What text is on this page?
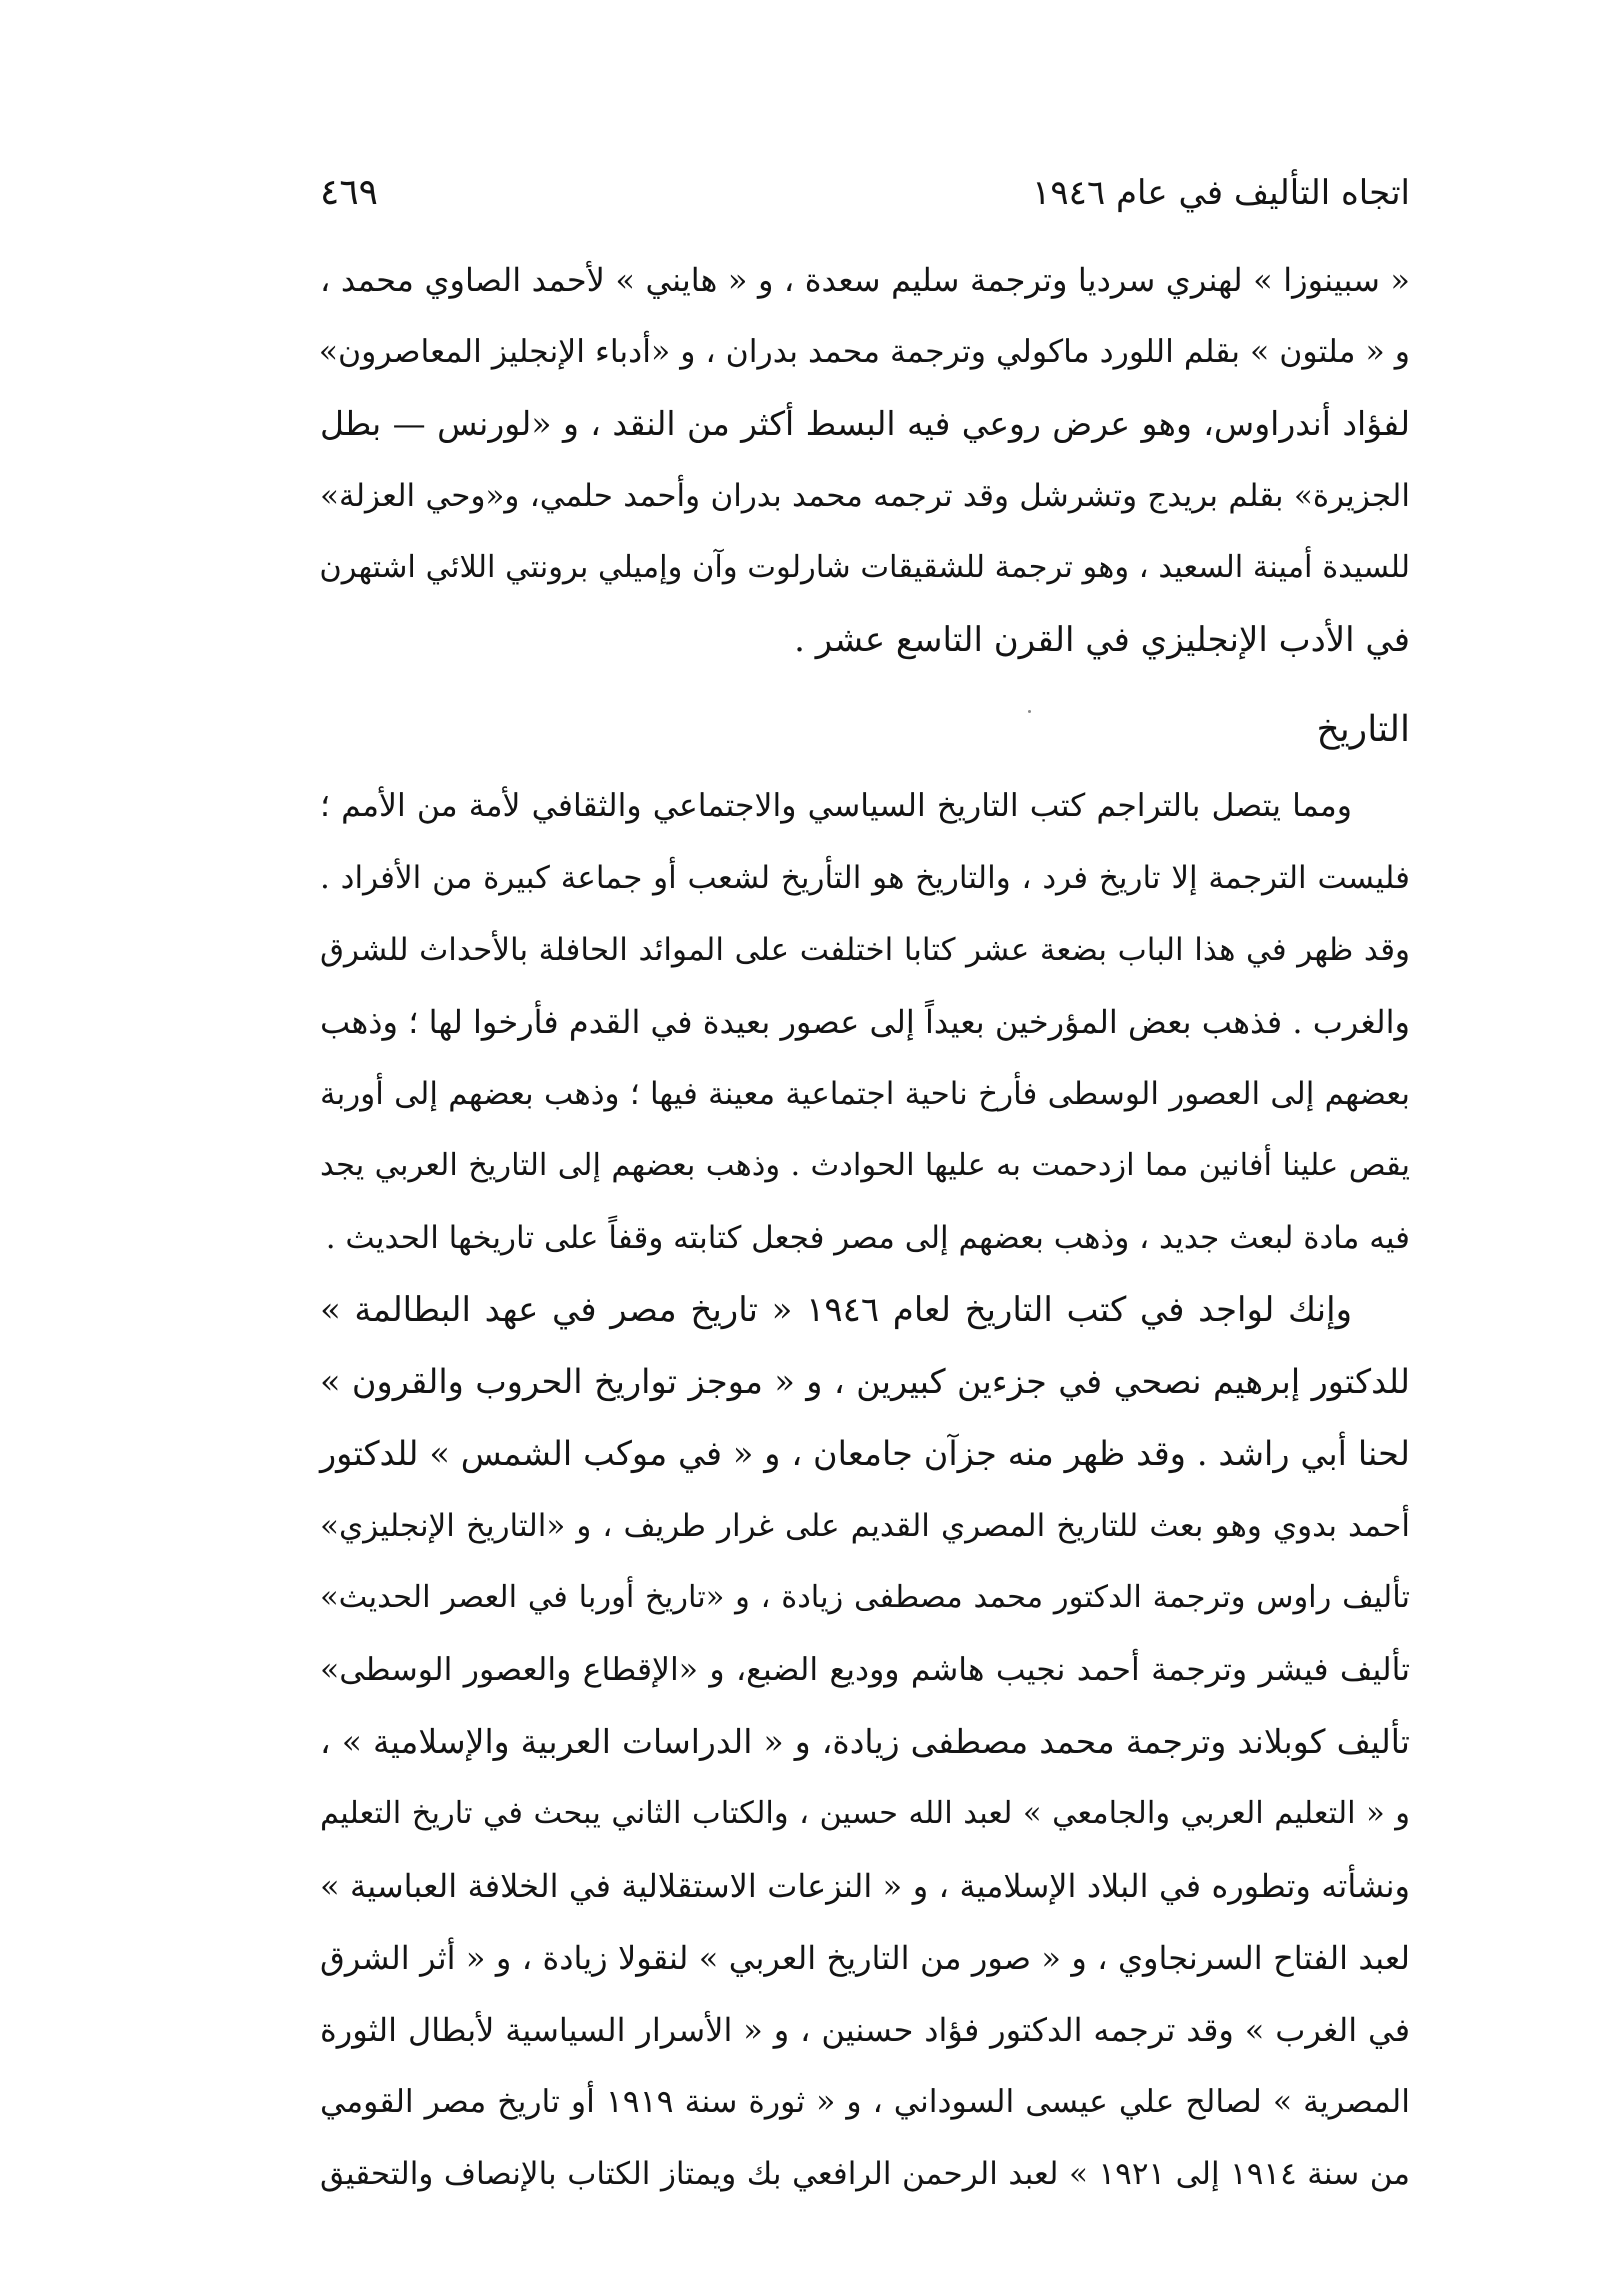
اتجاه التأليف في عام ١٩٤٦
٤٦٩
« سبينوزا » لهنري سرديا وترجمة سليم سعدة ، و « هايني » لأحمد الصاوي محمد ،
و « ملتون » بقلم اللورد ماكولي وترجمة محمد بدران ، و «أدباء الإنجليز المعاصرون»
لفؤاد أندراوس، وهو عرض روعي فيه البسط أكثر من النقد ، و «لورنس — بطل
الجزيرة» بقلم بريدج وتشرشل وقد ترجمه محمد بدران وأحمد حلمي، و«وحي العزلة»
للسيدة أمينة السعيد ، وهو ترجمة للشقيقات شارلوت وآن وإميلي برونتي اللائي اشتهرن
في الأدب الإنجليزي في القرن التاسع عشر .
التاريخ
ومما يتصل بالتراجم كتب التاريخ السياسي والاجتماعي والثقافي لأمة من الأمم ؛
فليست الترجمة إلا تاريخ فرد ، والتاريخ هو التأريخ لشعب أو جماعة كبيرة من الأفراد .
وقد ظهر في هذا الباب بضعة عشر كتابا اختلفت على الموائد الحافلة بالأحداث للشرق
والغرب . فذهب بعض المؤرخين بعيداً إلى عصور بعيدة في القدم فأرخوا لها ؛ وذهب
بعضهم إلى العصور الوسطى فأرخ ناحية اجتماعية معينة فيها ؛ وذهب بعضهم إلى أوربة
يقص علينا أفانين مما ازدحمت به عليها الحوادث . وذهب بعضهم إلى التاريخ العربي يجد
فيه مادة لبعث جديد ، وذهب بعضهم إلى مصر فجعل كتابته وقفاً على تاريخها الحديث .
وإنك لواجد في كتب التاريخ لعام ١٩٤٦ « تاريخ مصر في عهد البطالمة »
للدكتور إبرهيم نصحي في جزءين كبيرين ، و « موجز تواريخ الحروب والقرون »
لحنا أبي راشد . وقد ظهر منه جزآن جامعان ، و « في موكب الشمس » للدكتور
أحمد بدوي وهو بعث للتاريخ المصري القديم على غرار طريف ، و «التاريخ الإنجليزي»
تأليف راوس وترجمة الدكتور محمد مصطفى زيادة ، و «تاريخ أوربا في العصر الحديث»
تأليف فيشر وترجمة أحمد نجيب هاشم ووديع الضبع، و «الإقطاع والعصور الوسطى»
تأليف كوبلاند وترجمة محمد مصطفى زيادة، و « الدراسات العربية والإسلامية » ،
و « التعليم العربي والجامعي » لعبد الله حسين ، والكتاب الثاني يبحث في تاريخ التعليم
ونشأته وتطوره في البلاد الإسلامية ، و « النزعات الاستقلالية في الخلافة العباسية »
لعبد الفتاح السرنجاوي ، و « صور من التاريخ العربي » لنقولا زيادة ، و « أثر الشرق
في الغرب » وقد ترجمه الدكتور فؤاد حسنين ، و « الأسرار السياسية لأبطال الثورة
المصرية » لصالح علي عيسى السوداني ، و « ثورة سنة ١٩١٩ أو تاريخ مصر القومي
من سنة ١٩١٤ إلى ١٩٢١ » لعبد الرحمن الرافعي بك ويمتاز الكتاب بالإنصاف والتحقيق
